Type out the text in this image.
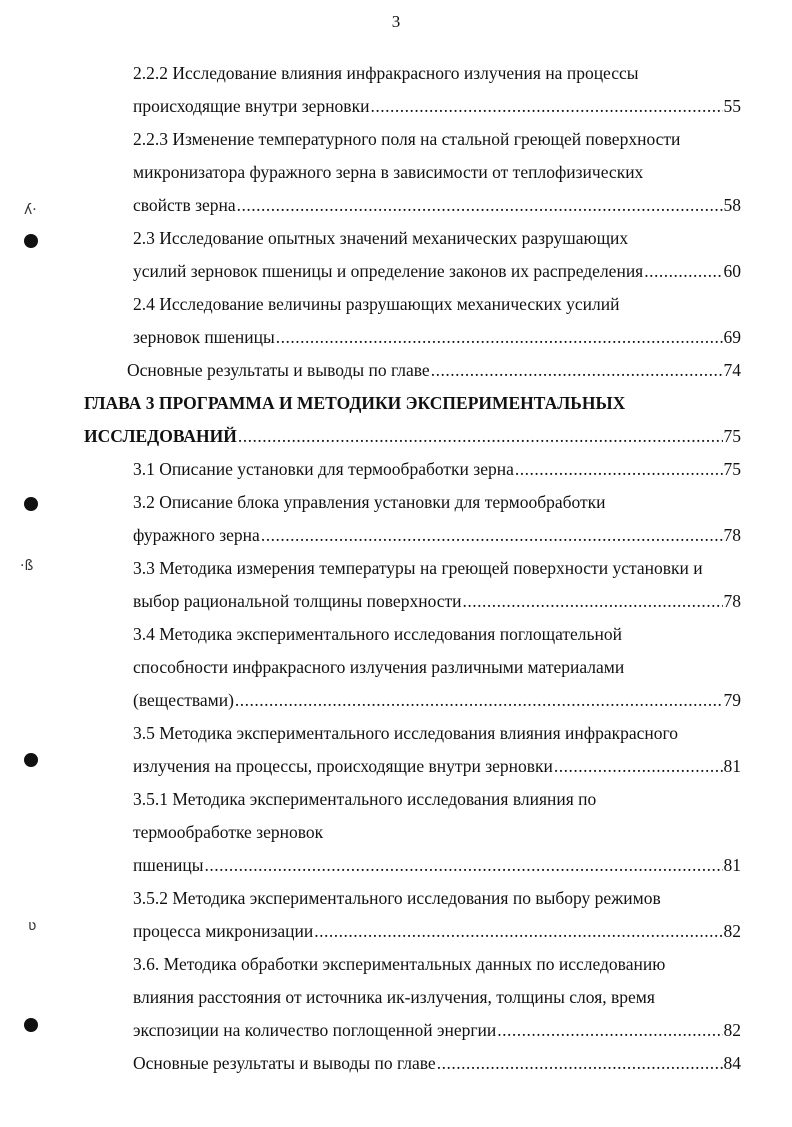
3
ʎ·
·ß
ʋ
2.2.2 Исследование влияния инфракрасного излучения на процессы
происходящие внутри зерновки .....	55
2.2.3 Изменение температурного поля на стальной греющей поверхности
микронизатора фуражного зерна в зависимости от теплофизических
свойств зерна .....	58
2.3 Исследование опытных значений механических разрушающих
усилий зерновок пшеницы и определение законов их распределения .....	60
2.4 Исследование величины разрушающих механических усилий
зерновок пшеницы .....	69
Основные результаты и выводы по главе .....	74
ГЛАВА 3 ПРОГРАММА И МЕТОДИКИ ЭКСПЕРИМЕНТАЛЬНЫХ
ИССЛЕДОВАНИЙ .....	75
3.1 Описание установки для термообработки зерна .....	75
3.2 Описание блока управления установки для термообработки
фуражного зерна .....	78
3.3 Методика измерения температуры на греющей поверхности установки и
выбор рациональной толщины поверхности .....	78
3.4 Методика экспериментального исследования поглощательной
способности инфракрасного излучения различными материалами
(веществами) .....	79
3.5 Методика экспериментального исследования влияния инфракрасного
излучения на процессы, происходящие внутри зерновки .....	81
3.5.1 Методика экспериментального исследования влияния по
термообработке зерновок
пшеницы .....	81
3.5.2 Методика экспериментального исследования по выбору режимов
процесса микронизации .....	82
3.6. Методика обработки экспериментальных данных по исследованию
влияния расстояния от источника ик-излучения, толщины слоя, время
экспозиции на количество поглощенной энергии .....	82
Основные результаты и выводы по главе .....	84
